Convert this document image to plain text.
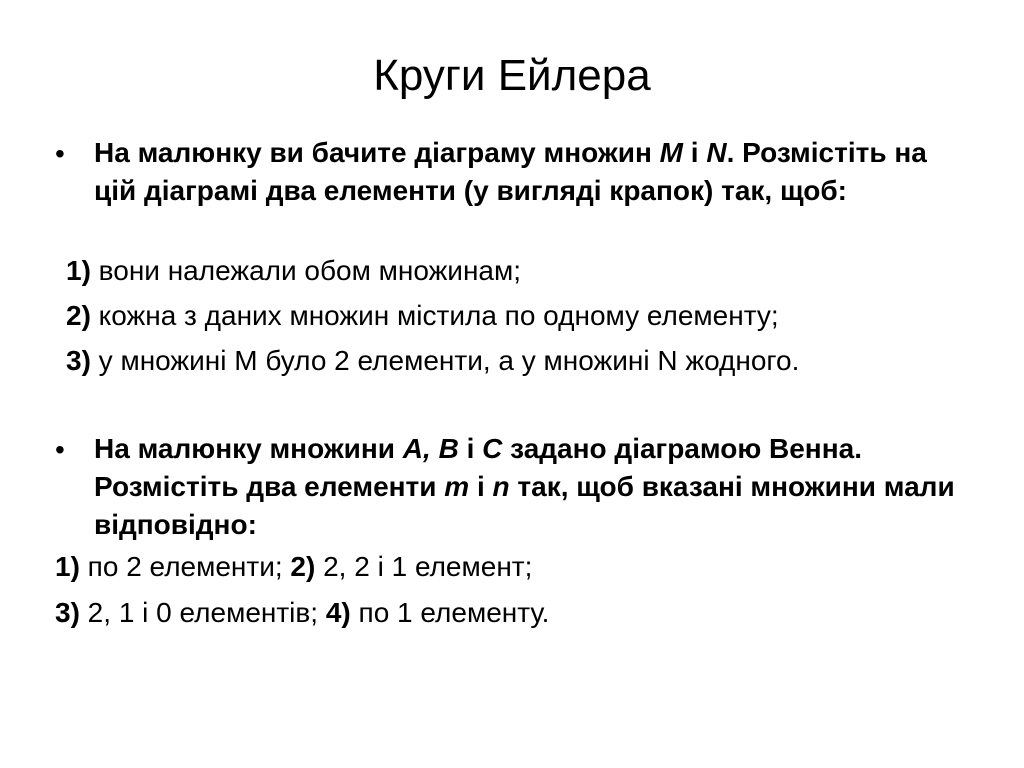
Круги Ейлера
• На малюнку ви бачите діаграму множин M і N. Розмістіть на цій діаграмі два елементи (у вигляді крапок) так, щоб:

1) вони належали обом множинам;

2) кожна з даних множин містила по одному елементу;

3) у множині М було 2 елементи, а у множині N жодного.

• На малюнку множини А, В і С задано діаграмою Венна. Розмістіть два елементи m і n так, щоб вказані множини мали відповідно:

1) по 2 елементи; 2) 2, 2 і 1 елемент;

3) 2, 1 і 0 елементів; 4) по 1 елементу.
